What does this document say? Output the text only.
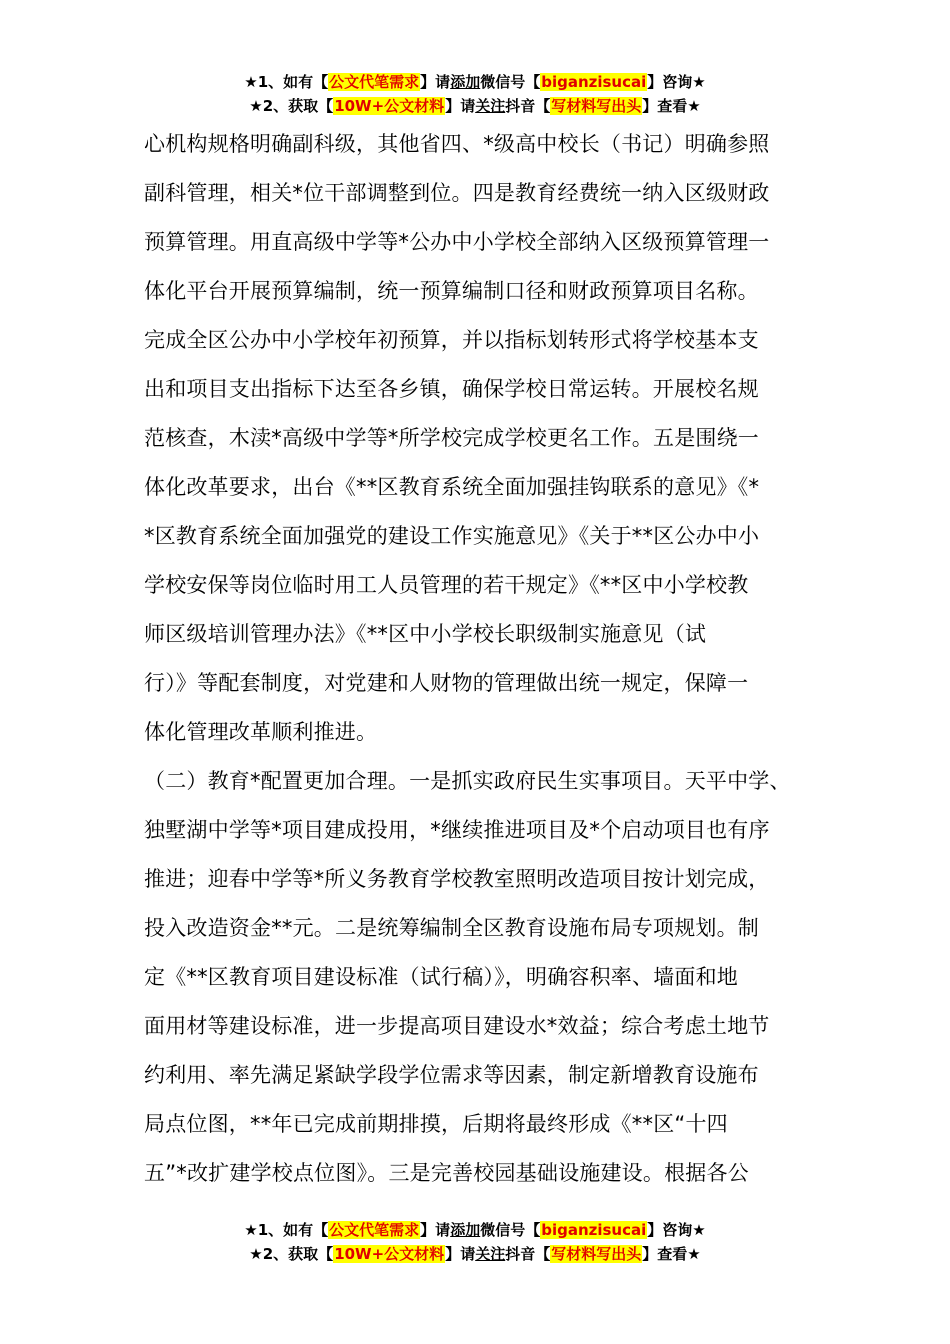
★1、如有【公文代笔需求】请添加微信号【biganzisucai】咨询★
★2、获取【10W+公文材料】请关注抖音【写材料写出头】查看★
心机构规格明确副科级，其他省四、*级高中校长（书记）明确参照
副科管理，相关*位干部调整到位。四是教育经费统一纳入区级财政
预算管理。用直高级中学等*公办中小学校全部纳入区级预算管理一
体化平台开展预算编制，统一预算编制口径和财政预算项目名称。
完成全区公办中小学校年初预算，并以指标划转形式将学校基本支
出和项目支出指标下达至各乡镇，确保学校日常运转。开展校名规
范核查，木渎*高级中学等*所学校完成学校更名工作。五是围绕一
体化改革要求，出台《**区教育系统全面加强挂钩联系的意见》《*
*区教育系统全面加强党的建设工作实施意见》《关于**区公办中小
学校安保等岗位临时用工人员管理的若干规定》《**区中小学校教
师区级培训管理办法》《**区中小学校长职级制实施意见（试
行）》等配套制度，对党建和人财物的管理做出统一规定，保障一
体化管理改革顺利推进。
（二）教育*配置更加合理。一是抓实政府民生实事项目。天平中学、
独墅湖中学等*项目建成投用，*继续推进项目及*个启动项目也有序
推进；迎春中学等*所义务教育学校教室照明改造项目按计划完成，
投入改造资金**元。二是统筹编制全区教育设施布局专项规划。制
定《**区教育项目建设标准（试行稿）》，明确容积率、墙面和地
面用材等建设标准，进一步提高项目建设水*效益；综合考虑土地节
约利用、率先满足紧缺学段学位需求等因素，制定新增教育设施布
局点位图，**年已完成前期排摸，后期将最终形成《**区“十四
五”*改扩建学校点位图》。三是完善校园基础设施建设。根据各公
★1、如有【公文代笔需求】请添加微信号【biganzisucai】咨询★
★2、获取【10W+公文材料】请关注抖音【写材料写出头】查看★
